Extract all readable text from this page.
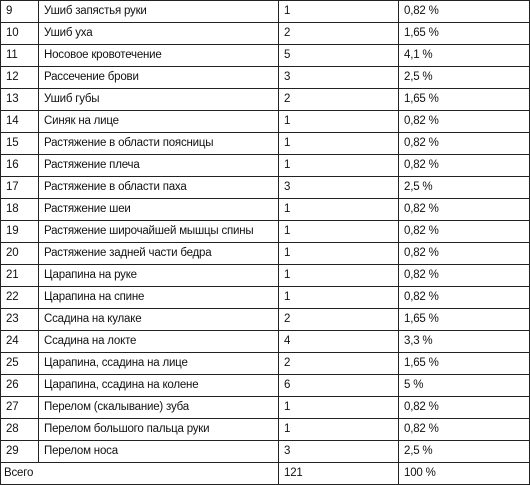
9	Ушиб запястья руки	1	0,82 %
10	Ушиб уха	2	1,65 %
11	Носовое кровотечение	5	4,1 %
12	Рассечение брови	3	2,5 %
13	Ушиб губы	2	1,65 %
14	Синяк на лице	1	0,82 %
15	Растяжение в области поясницы	1	0,82 %
16	Растяжение плеча	1	0,82 %
17	Растяжение в области паха	3	2,5 %
18	Растяжение шеи	1	0,82 %
19	Растяжение широчайшей мышцы спины	1	0,82 %
20	Растяжение задней части бедра	1	0,82 %
21	Царапина на руке	1	0,82 %
22	Царапина на спине	1	0,82 %
23	Ссадина на кулаке	2	1,65 %
24	Ссадина на локте	4	3,3 %
25	Царапина, ссадина на лице	2	1,65 %
26	Царапина, ссадина на колене	6	5 %
27	Перелом (скалывание) зуба	1	0,82 %
28	Перелом большого пальца руки	1	0,82 %
29	Перелом носа	3	2,5 %
Всего		121	100 %
